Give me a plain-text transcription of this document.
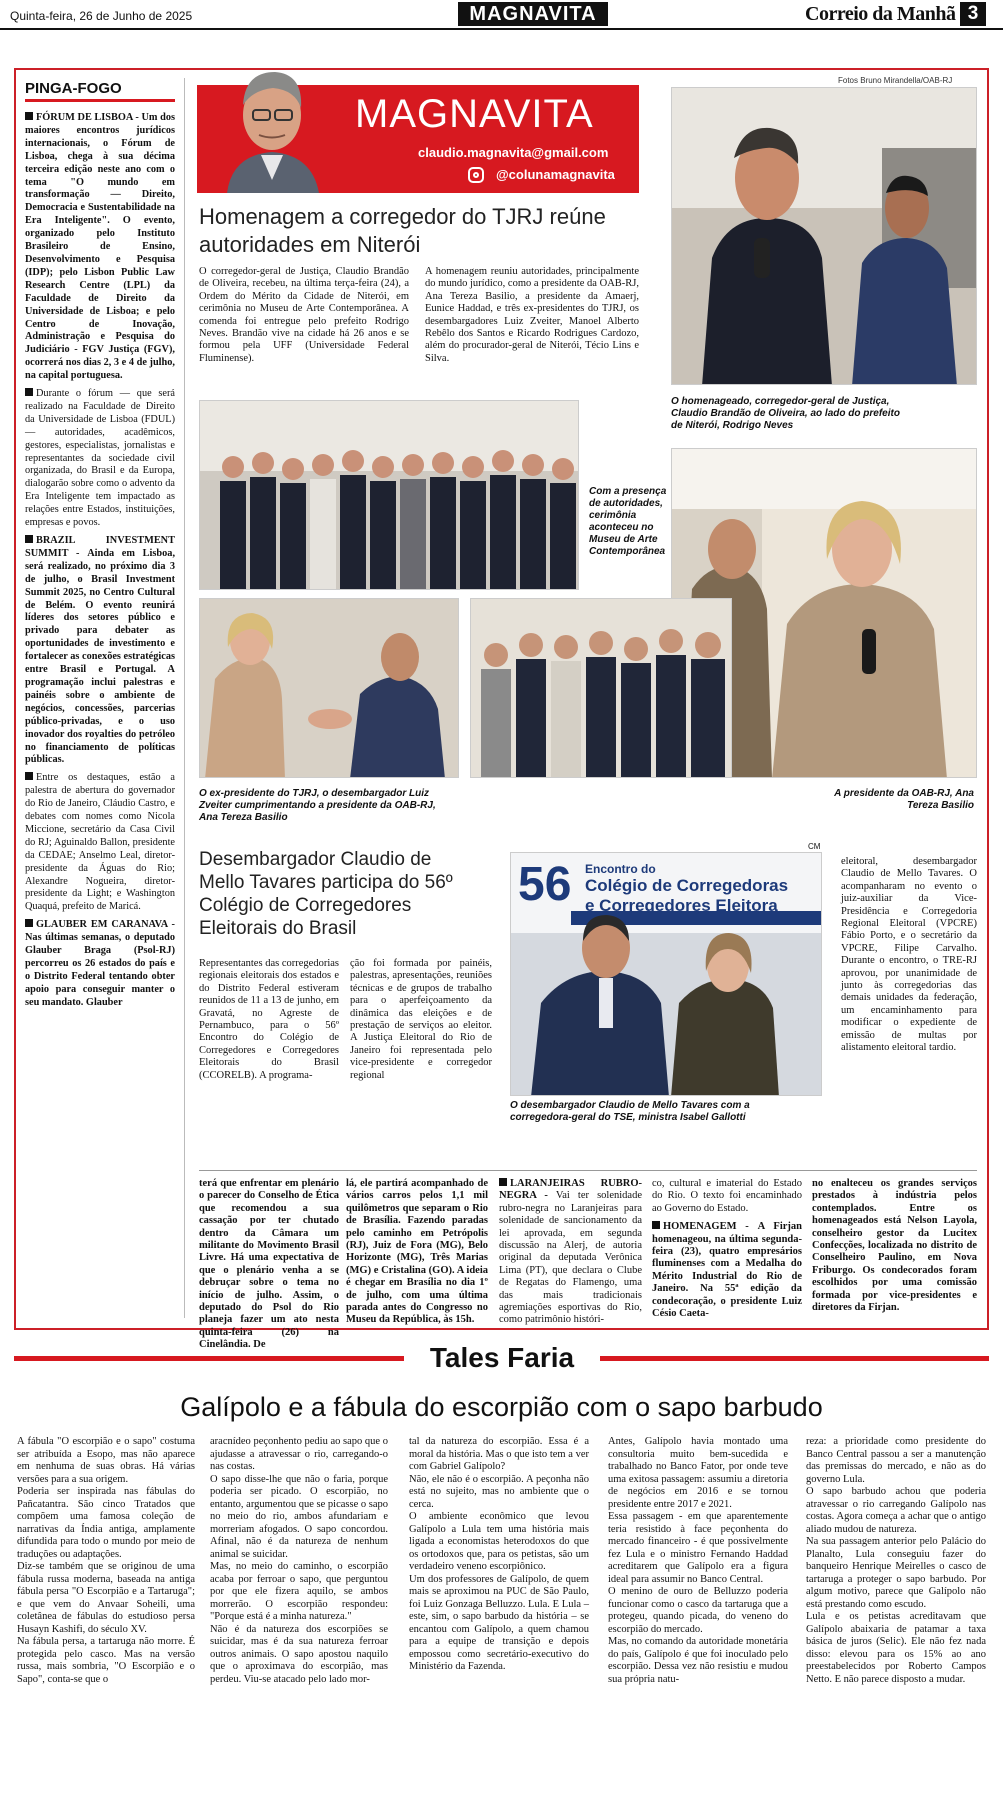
Quinta-feira, 26 de Junho de 2025	MAGNAVITA	Correio da Manhã 3
PINGA-FOGO

FÓRUM DE LISBOA - Um dos maiores encontros jurídicos internacionais, o Fórum de Lisboa, chega à sua décima terceira edição neste ano com o tema "O mundo em transformação — Direito, Democracia e Sustentabilidade na Era Inteligente". O evento, organizado pelo Instituto Brasileiro de Ensino, Desenvolvimento e Pesquisa (IDP); pelo Lisbon Public Law Research Centre (LPL) da Faculdade de Direito da Universidade de Lisboa; e pelo Centro de Inovação, Administração e Pesquisa do Judiciário - FGV Justiça (FGV), ocorrerá nos dias 2, 3 e 4 de julho, na capital portuguesa.

Durante o fórum — que será realizado na Faculdade de Direito da Universidade de Lisboa (FDUL) — autoridades, acadêmicos, gestores, especialistas, jornalistas e representantes da sociedade civil organizada, do Brasil e da Europa, dialogarão sobre como o advento da Era Inteligente tem impactado as relações entre Estados, instituições, empresas e povos.

BRAZIL INVESTMENT SUMMIT - Ainda em Lisboa, será realizado, no próximo dia 3 de julho, o Brasil Investment Summit 2025, no Centro Cultural de Belém. O evento reunirá líderes dos setores público e privado para debater as oportunidades de investimento e fortalecer as conexões estratégicas entre Brasil e Portugal. A programação inclui palestras e painéis sobre o ambiente de negócios, concessões, parcerias público-privadas, e o uso inovador dos royalties do petróleo no financiamento de políticas públicas.

Entre os destaques, estão a palestra de abertura do governador do Rio de Janeiro, Cláudio Castro, e debates com nomes como Nicola Miccione, secretário da Casa Civil do RJ; Aguinaldo Ballon, presidente da CEDAE; Anselmo Leal, diretor-presidente da Águas do Rio; Alexandre Nogueira, diretor-presidente da Light; e Washington Quaquá, prefeito de Maricá.

GLAUBER EM CARANAVA - Nas últimas semanas, o deputado Glauber Braga (Psol-RJ) percorreu os 26 estados do país e o Distrito Federal tentando obter apoio para conseguir manter o seu mandato. Glauber

MAGNAVITA
claudio.magnavita@gmail.com
@colunamagnavita
Fotos Bruno Mirandella/OAB-RJ
Homenagem a corregedor do TJRJ reúne autoridades em Niterói
O corregedor-geral de Justiça, Claudio Brandão de Oliveira, recebeu, na última terça-feira (24), a Ordem do Mérito da Cidade de Niterói, em cerimônia no Museu de Arte Contemporânea. A comenda foi entregue pelo prefeito Rodrigo Neves. Brandão vive na cidade há 26 anos e se formou pela UFF (Universidade Federal Fluminense).
A homenagem reuniu autoridades, principalmente do mundo jurídico, como a presidente da OAB-RJ, Ana Tereza Basilio, a presidente da Amaerj, Eunice Haddad, e três ex-presidentes do TJRJ, os desembargadores Luiz Zveiter, Manoel Alberto Rebêlo dos Santos e Ricardo Rodrigues Cardozo, além do procurador-geral de Niterói, Técio Lins e Silva.
O homenageado, corregedor-geral de Justiça, Claudio Brandão de Oliveira, ao lado do prefeito de Niterói, Rodrigo Neves
Com a presença de autoridades, cerimônia aconteceu no Museu de Arte Contemporânea
A presidente da OAB-RJ, Ana Tereza Basilio
O ex-presidente do TJRJ, o desembargador Luiz Zveiter cumprimentando a presidente da OAB-RJ, Ana Tereza Basilio
Desembargador Claudio de Mello Tavares participa do 56º Colégio de Corregedores Eleitorais do Brasil
CM
Representantes das corregedorias regionais eleitorais dos estados e do Distrito Federal estiveram reunidos de 11 a 13 de junho, em Gravatá, no Agreste de Pernambuco, para o 56º Encontro do Colégio de Corregedores e Corregedores Eleitorais do Brasil (CCORELB). A programa-
ção foi formada por painéis, palestras, apresentações, reuniões técnicas e de grupos de trabalho para o aperfeiçoamento da dinâmica das eleições e de prestação de serviços ao eleitor. A Justiça Eleitoral do Rio de Janeiro foi representada pelo vice-presidente e corregedor regional
56 Encontro do
Colégio de Corregedoras
e Corregedores Eleitora
O desembargador Claudio de Mello Tavares com a corregedora-geral do TSE, ministra Isabel Gallotti
eleitoral, desembargador Claudio de Mello Tavares. O acompanharam no evento o juiz-auxiliar da Vice-Presidência e Corregedoria Regional Eleitoral (VPCRE) Fábio Porto, e o secretário da VPCRE, Filipe Carvalho. Durante o encontro, o TRE-RJ aprovou, por unanimidade de junto às corregedorias das demais unidades da federação, um encaminhamento para modificar o expediente de emissão de multas por alistamento eleitoral tardio.
terá que enfrentar em plenário o parecer do Conselho de Ética que recomendou a sua cassação por ter chutado dentro da Câmara um militante do Movimento Brasil Livre. Há uma expectativa de que o plenário venha a se debruçar sobre o tema no início de julho. Assim, o deputado do Psol do Rio planeja fazer um ato nesta quinta-feira (26) na Cinelândia. De
lá, ele partirá acompanhado de vários carros pelos 1,1 mil quilômetros que separam o Rio de Brasília. Fazendo paradas pelo caminho em Petrópolis (RJ), Juiz de Fora (MG), Belo Horizonte (MG), Três Marias (MG) e Cristalina (GO). A ideia é chegar em Brasília no dia 1º de julho, com uma última parada antes do Congresso no Museu da República, às 15h.
LARANJEIRAS RUBRO-NEGRA - Vai ter solenidade rubro-negra no Laranjeiras para solenidade de sancionamento da lei aprovada, em segunda discussão na Alerj, de autoria original da deputada Verônica Lima (PT), que declara o Clube de Regatas do Flamengo, uma das mais tradicionais agremiações esportivas do Rio, como patrimônio históri-
co, cultural e imaterial do Estado do Rio. O texto foi encaminhado ao Governo do Estado.
HOMENAGEM - A Firjan homenageou, na última segunda-feira (23), quatro empresários fluminenses com a Medalha do Mérito Industrial do Rio de Janeiro. Na 55ª edição da condecoração, o presidente Luiz Césio Caeta-
no enalteceu os grandes serviços prestados à indústria pelos contemplados. Entre os homenageados está Nelson Layola, conselheiro gestor da Lucitex Confecções, localizada no distrito de Conselheiro Paulino, em Nova Friburgo. Os condecorados foram escolhidos por uma comissão formada por vice-presidentes e diretores da Firjan.
Tales Faria
Galípolo e a fábula do escorpião com o sapo barbudo
A fábula "O escorpião e o sapo" costuma ser atribuída a Esopo, mas não aparece em nenhuma de suas obras. Há várias versões para a sua origem.
Poderia ser inspirada nas fábulas do Pañcatantra. São cinco Tratados que compõem uma famosa coleção de narrativas da Índia antiga, amplamente difundida para todo o mundo por meio de traduções ou adaptações.
Diz-se também que se originou de uma fábula russa moderna, baseada na antiga fábula persa "O Escorpião e a Tartaruga"; e que vem do Anvaar Soheili, uma coletânea de fábulas do estudioso persa Husayn Kashifi, do século XV.
Na fábula persa, a tartaruga não morre. É protegida pelo casco. Mas na versão russa, mais sombria, "O Escorpião e o Sapo", conta-se que o
aracnídeo peçonhento pediu ao sapo que o ajudasse a atravessar o rio, carregando-o nas costas.
O sapo disse-lhe que não o faria, porque poderia ser picado. O escorpião, no entanto, argumentou que se picasse o sapo no meio do rio, ambos afundariam e morreriam afogados. O sapo concordou. Afinal, não é da natureza de nenhum animal se suicidar.
Mas, no meio do caminho, o escorpião acaba por ferroar o sapo, que perguntou por que ele fizera aquilo, se ambos morrerão. O escorpião respondeu: "Porque está é a minha natureza."
Não é da natureza dos escorpiões se suicidar, mas é da sua natureza ferroar outros animais. O sapo apostou naquilo que o aproximava do escorpião, mas perdeu. Viu-se atacado pelo lado mor-
tal da natureza do escorpião. Essa é a moral da história. Mas o que isto tem a ver com Gabriel Galípolo?
Não, ele não é o escorpião. A peçonha não está no sujeito, mas no ambiente que o cerca.
O ambiente econômico que levou Galípolo a Lula tem uma história mais ligada a economistas heterodoxos do que os ortodoxos que, para os petistas, são um verdadeiro veneno escorpiônico.
Um dos professores de Galípolo, de quem mais se aproximou na PUC de São Paulo, foi Luiz Gonzaga Belluzzo. Lula. E Lula – este, sim, o sapo barbudo da história – se encantou com Galípolo, a quem chamou para a equipe de transição e depois empossou como secretário-executivo do Ministério da Fazenda.
Antes, Galípolo havia montado uma consultoria muito bem-sucedida e trabalhado no Banco Fator, por onde teve uma exitosa passagem: assumiu a diretoria de negócios em 2016 e se tornou presidente entre 2017 e 2021.
Essa passagem - em que aparentemente teria resistido à face peçonhenta do mercado financeiro - é que possivelmente fez Lula e o ministro Fernando Haddad acreditarem que Galípolo era a figura ideal para assumir no Banco Central.
O menino de ouro de Belluzzo poderia funcionar como o casco da tartaruga que a protegeu, quando picada, do veneno do escorpião do mercado.
Mas, no comando da autoridade monetária do país, Galípolo é que foi inoculado pelo escorpião. Dessa vez não resistiu e mudou sua própria natu-
reza: a prioridade como presidente do Banco Central passou a ser a manutenção das premissas do mercado, e não as do governo Lula.
O sapo barbudo achou que poderia atravessar o rio carregando Galípolo nas costas. Agora começa a achar que o antigo aliado mudou de natureza.
Na sua passagem anterior pelo Palácio do Planalto, Lula conseguiu fazer do banqueiro Henrique Meirelles o casco de tartaruga a proteger o sapo barbudo. Por algum motivo, parece que Galípolo não está prestando como escudo.
Lula e os petistas acreditavam que Galípolo abaixaria de patamar a taxa básica de juros (Selic). Ele não fez nada disso: elevou para os 15% ao ano preestabelecidos por Roberto Campos Netto. E não parece disposto a mudar.
